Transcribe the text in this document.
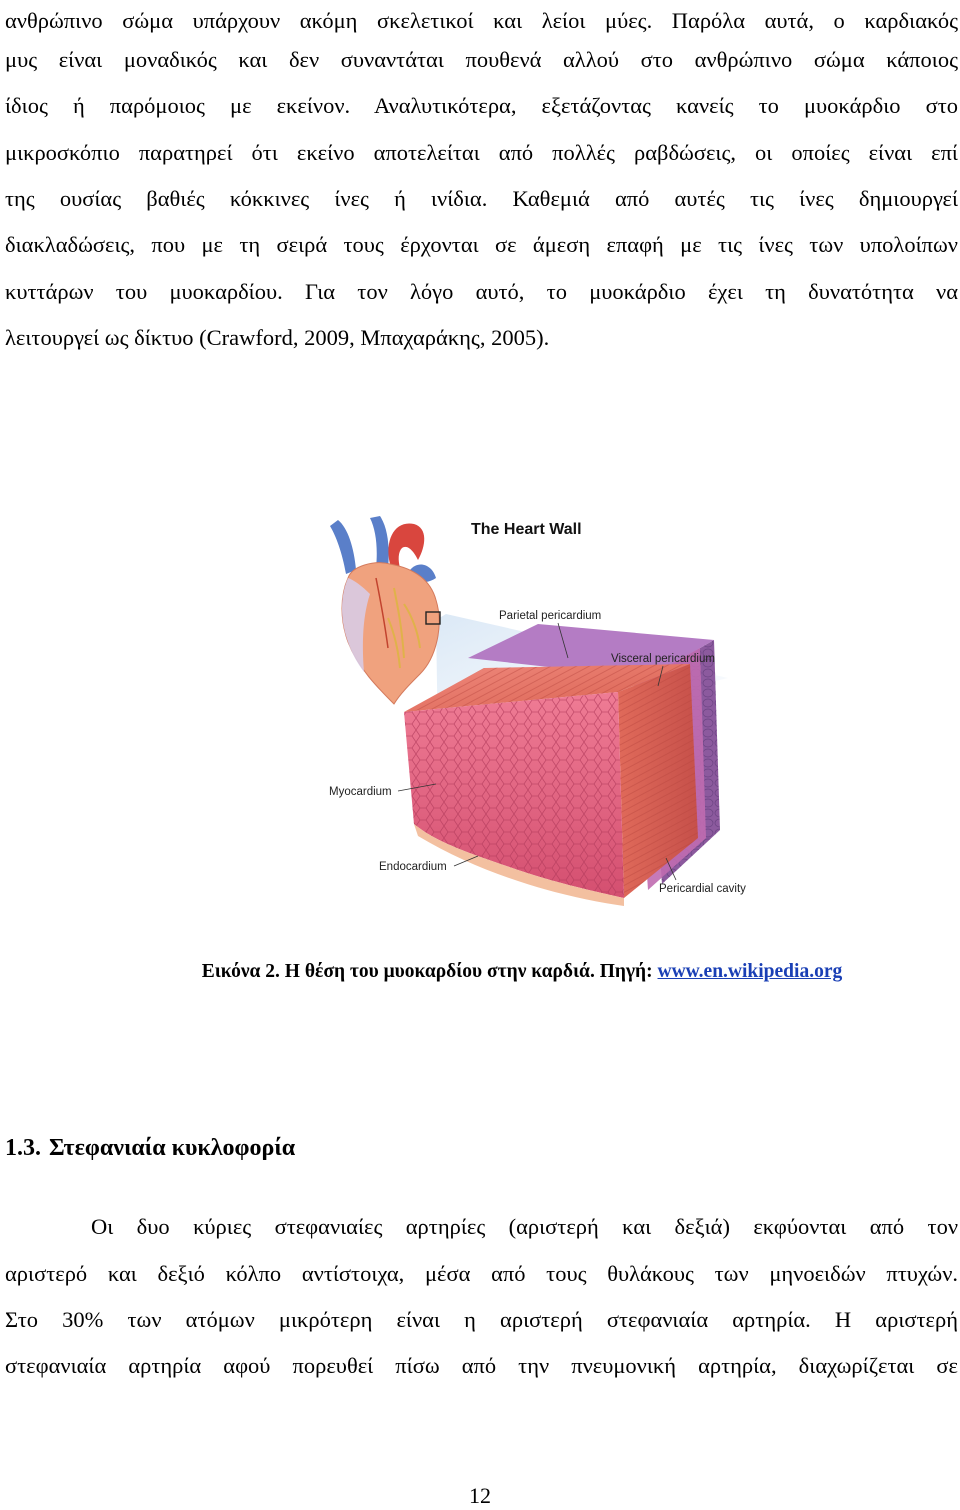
ανθρώπινο σώμα υπάρχουν ακόμη σκελετικοί και λείοι μύες. Παρόλα αυτά, ο καρδιακός
μυς είναι μοναδικός και δεν συναντάται πουθενά αλλού στο ανθρώπινο σώμα κάποιος
ίδιος ή παρόμοιος με εκείνον. Αναλυτικότερα, εξετάζοντας κανείς το μυοκάρδιο στο
μικροσκόπιο παρατηρεί ότι εκείνο αποτελείται από πολλές ραβδώσεις, οι οποίες είναι επί
της ουσίας βαθιές κόκκινες ίνες ή ινίδια. Καθεμιά από αυτές τις ίνες δημιουργεί
διακλαδώσεις, που με τη σειρά τους έρχονται σε άμεση επαφή με τις ίνες των υπολοίπων
κυττάρων του μυοκαρδίου. Για τον λόγο αυτό, το μυοκάρδιο έχει τη δυνατότητα να
λειτουργεί ως δίκτυο (Crawford, 2009, Μπαχαράκης, 2005).
The Heart Wall
Parietal pericardium
Visceral pericardium
Myocardium
Endocardium
Pericardial cavity
Εικόνα 2. Η θέση του μυοκαρδίου στην καρδιά. Πηγή: www.en.wikipedia.org
1.3. Στεφανιαία κυκλοφορία
Οι δυο κύριες στεφανιαίες αρτηρίες (αριστερή και δεξιά) εκφύονται από τον
αριστερό και δεξιό κόλπο αντίστοιχα, μέσα από τους θυλάκους των μηνοειδών πτυχών.
Στο 30% των ατόμων μικρότερη είναι η αριστερή στεφανιαία αρτηρία. Η αριστερή
στεφανιαία αρτηρία αφού πορευθεί πίσω από την πνευμονική αρτηρία, διαχωρίζεται σε
12
